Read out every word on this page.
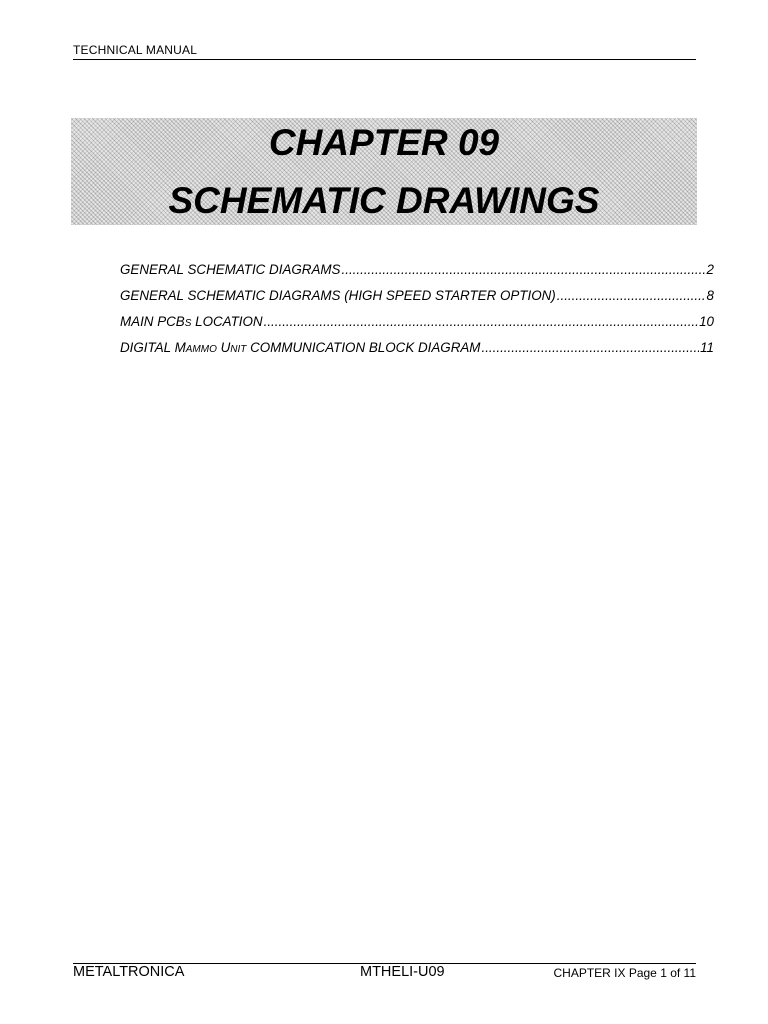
TECHNICAL MANUAL
CHAPTER 09
SCHEMATIC DRAWINGS
GENERAL SCHEMATIC DIAGRAMS .....	2
GENERAL SCHEMATIC DIAGRAMS (HIGH SPEED STARTER OPTION) .....	8
MAIN PCBS LOCATION .....	10
DIGITAL MAMMO UNIT COMMUNICATION BLOCK DIAGRAM .....	11
METALTRONICA	MTHELI-U09	CHAPTER IX Page 1 of 11
